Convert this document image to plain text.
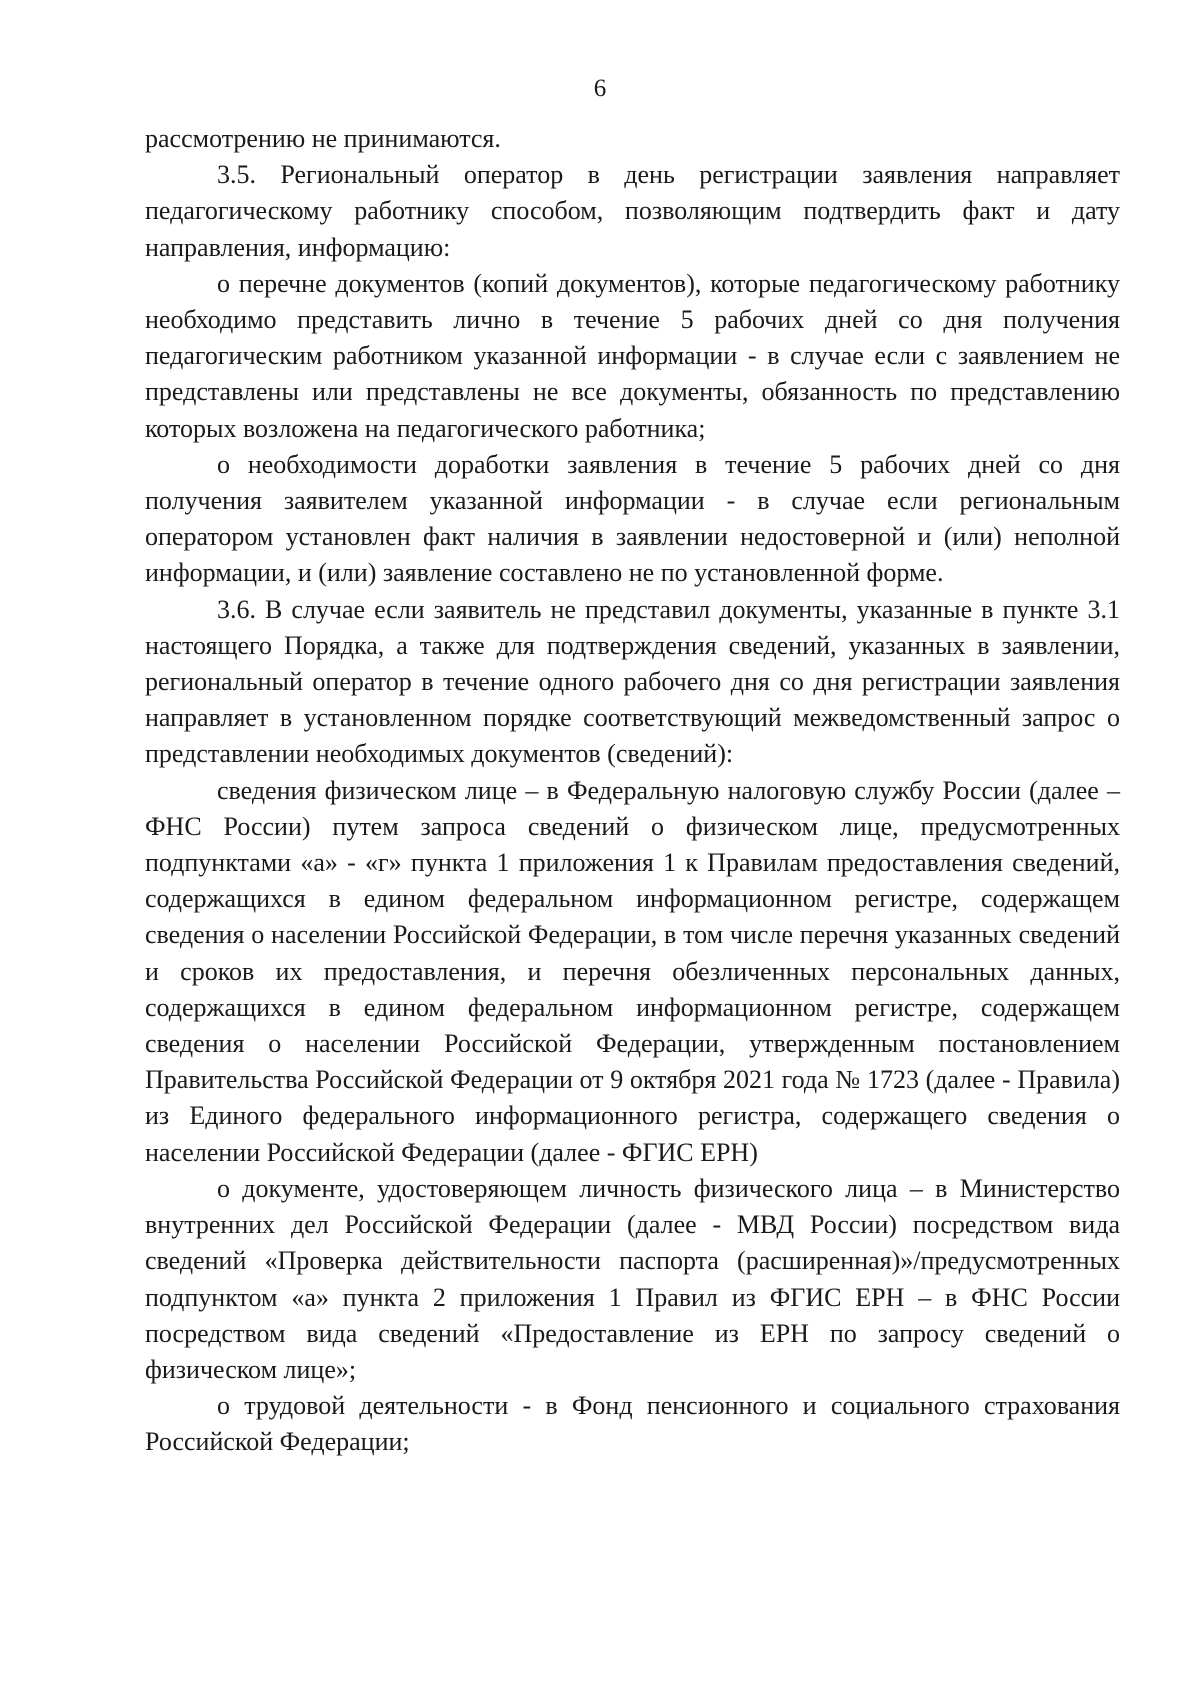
6

рассмотрению не принимаются.

3.5. Региональный оператор в день регистрации заявления направляет педагогическому работнику способом, позволяющим подтвердить факт и дату направления, информацию:

о перечне документов (копий документов), которые педагогическому работнику необходимо представить лично в течение 5 рабочих дней со дня получения педагогическим работником указанной информации - в случае если с заявлением не представлены или представлены не все документы, обязанность по представлению которых возложена на педагогического работника;

о необходимости доработки заявления в течение 5 рабочих дней со дня получения заявителем указанной информации - в случае если региональным оператором установлен факт наличия в заявлении недостоверной и (или) неполной информации, и (или) заявление составлено не по установленной форме.

3.6. В случае если заявитель не представил документы, указанные в пункте 3.1 настоящего Порядка, а также для подтверждения сведений, указанных в заявлении, региональный оператор в течение одного рабочего дня со дня регистрации заявления направляет в установленном порядке соответствующий межведомственный запрос о представлении необходимых документов (сведений):

сведения физическом лице – в Федеральную налоговую службу России (далее – ФНС России) путем запроса сведений о физическом лице, предусмотренных подпунктами «а» - «г» пункта 1 приложения 1 к Правилам предоставления сведений, содержащихся в едином федеральном информационном регистре, содержащем сведения о населении Российской Федерации, в том числе перечня указанных сведений и сроков их предоставления, и перечня обезличенных персональных данных, содержащихся в едином федеральном информационном регистре, содержащем сведения о населении Российской Федерации, утвержденным постановлением Правительства Российской Федерации от 9 октября 2021 года № 1723 (далее - Правила) из Единого федерального информационного регистра, содержащего сведения о населении Российской Федерации (далее - ФГИС ЕРН)

о документе, удостоверяющем личность физического лица – в Министерство внутренних дел Российской Федерации (далее - МВД России) посредством вида сведений «Проверка действительности паспорта (расширенная)»/предусмотренных подпунктом «а» пункта 2 приложения 1 Правил из ФГИС ЕРН – в ФНС России посредством вида сведений «Предоставление из ЕРН по запросу сведений о физическом лице»;

о трудовой деятельности - в Фонд пенсионного и социального страхования Российской Федерации;
